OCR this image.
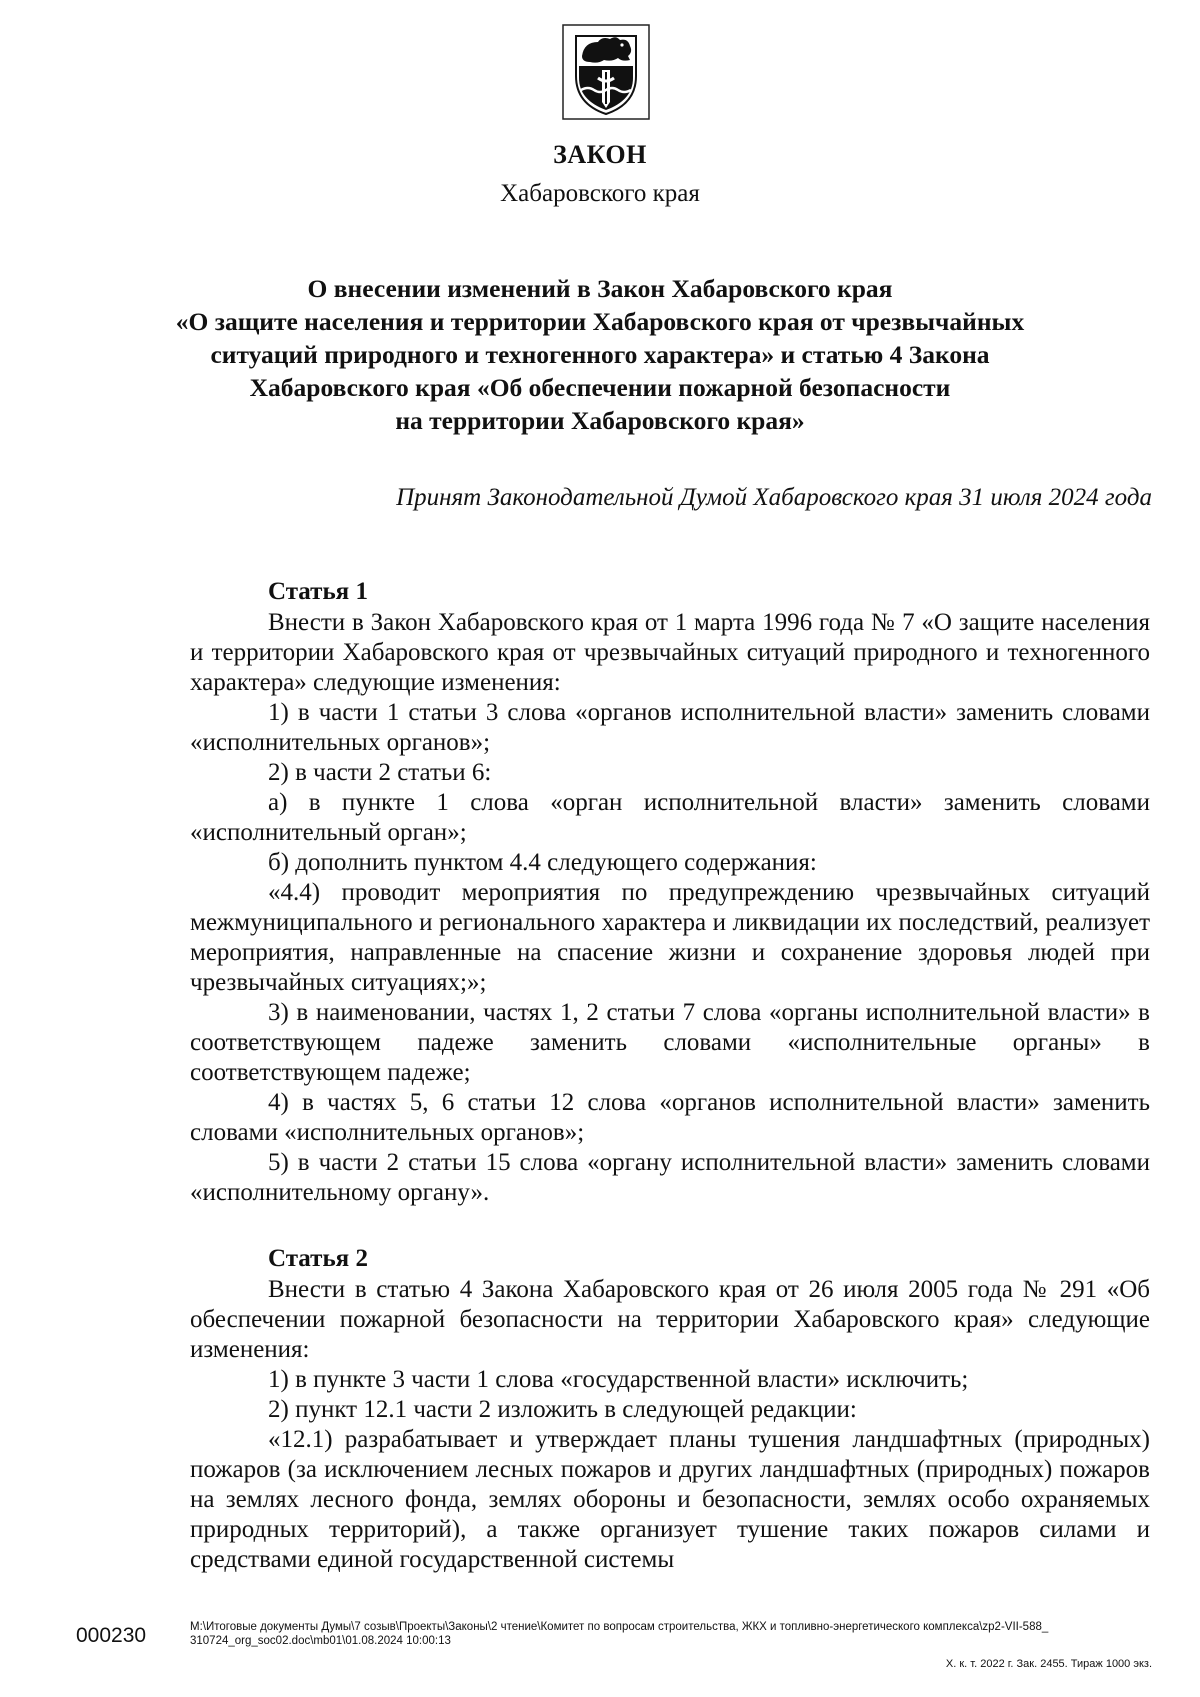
ЗАКОН

Хабаровского края

О внесении изменений в Закон Хабаровского края
«О защите населения и территории Хабаровского края от чрезвычайных
ситуаций природного и техногенного характера» и статью 4 Закона
Хабаровского края «Об обеспечении пожарной безопасности
на территории Хабаровского края»

Принят Законодательной Думой Хабаровского края 31 июля 2024 года

Статья 1

Внести в Закон Хабаровского края от 1 марта 1996 года № 7 «О защите населения и территории Хабаровского края от чрезвычайных ситуаций природного и техногенного характера» следующие изменения:

1) в части 1 статьи 3 слова «органов исполнительной власти» заменить словами «исполнительных органов»;

2) в части 2 статьи 6:

а) в пункте 1 слова «орган исполнительной власти» заменить словами «исполнительный орган»;

б) дополнить пунктом 4.4 следующего содержания:

«4.4) проводит мероприятия по предупреждению чрезвычайных ситуаций межмуниципального и регионального характера и ликвидации их последствий, реализует мероприятия, направленные на спасение жизни и сохранение здоровья людей при чрезвычайных ситуациях;»;

3) в наименовании, частях 1, 2 статьи 7 слова «органы исполнительной власти» в соответствующем падеже заменить словами «исполнительные органы» в соответствующем падеже;

4) в частях 5, 6 статьи 12 слова «органов исполнительной власти» заменить словами «исполнительных органов»;

5) в части 2 статьи 15 слова «органу исполнительной власти» заменить словами «исполнительному органу».

Статья 2

Внести в статью 4 Закона Хабаровского края от 26 июля 2005 года № 291 «Об обеспечении пожарной безопасности на территории Хабаровского края» следующие изменения:

1) в пункте 3 части 1 слова «государственной власти» исключить;

2) пункт 12.1 части 2 изложить в следующей редакции:

«12.1) разрабатывает и утверждает планы тушения ландшафтных (природных) пожаров (за исключением лесных пожаров и других ландшафтных (природных) пожаров на землях лесного фонда, землях обороны и безопасности, землях особо охраняемых природных территорий), а также организует тушение таких пожаров силами и средствами единой государственной системы

000230	M:\Итоговые документы Думы\7 созыв\Проекты\Законы\2 чтение\Комитет по вопросам строительства, ЖКХ и топливно-энергетического комплекса\zp2-VII-588_ 310724_org_soc02.doc\mb01\01.08.2024 10:00:13

Х. к. т. 2022 г. Зак. 2455. Тираж 1000 экз.
